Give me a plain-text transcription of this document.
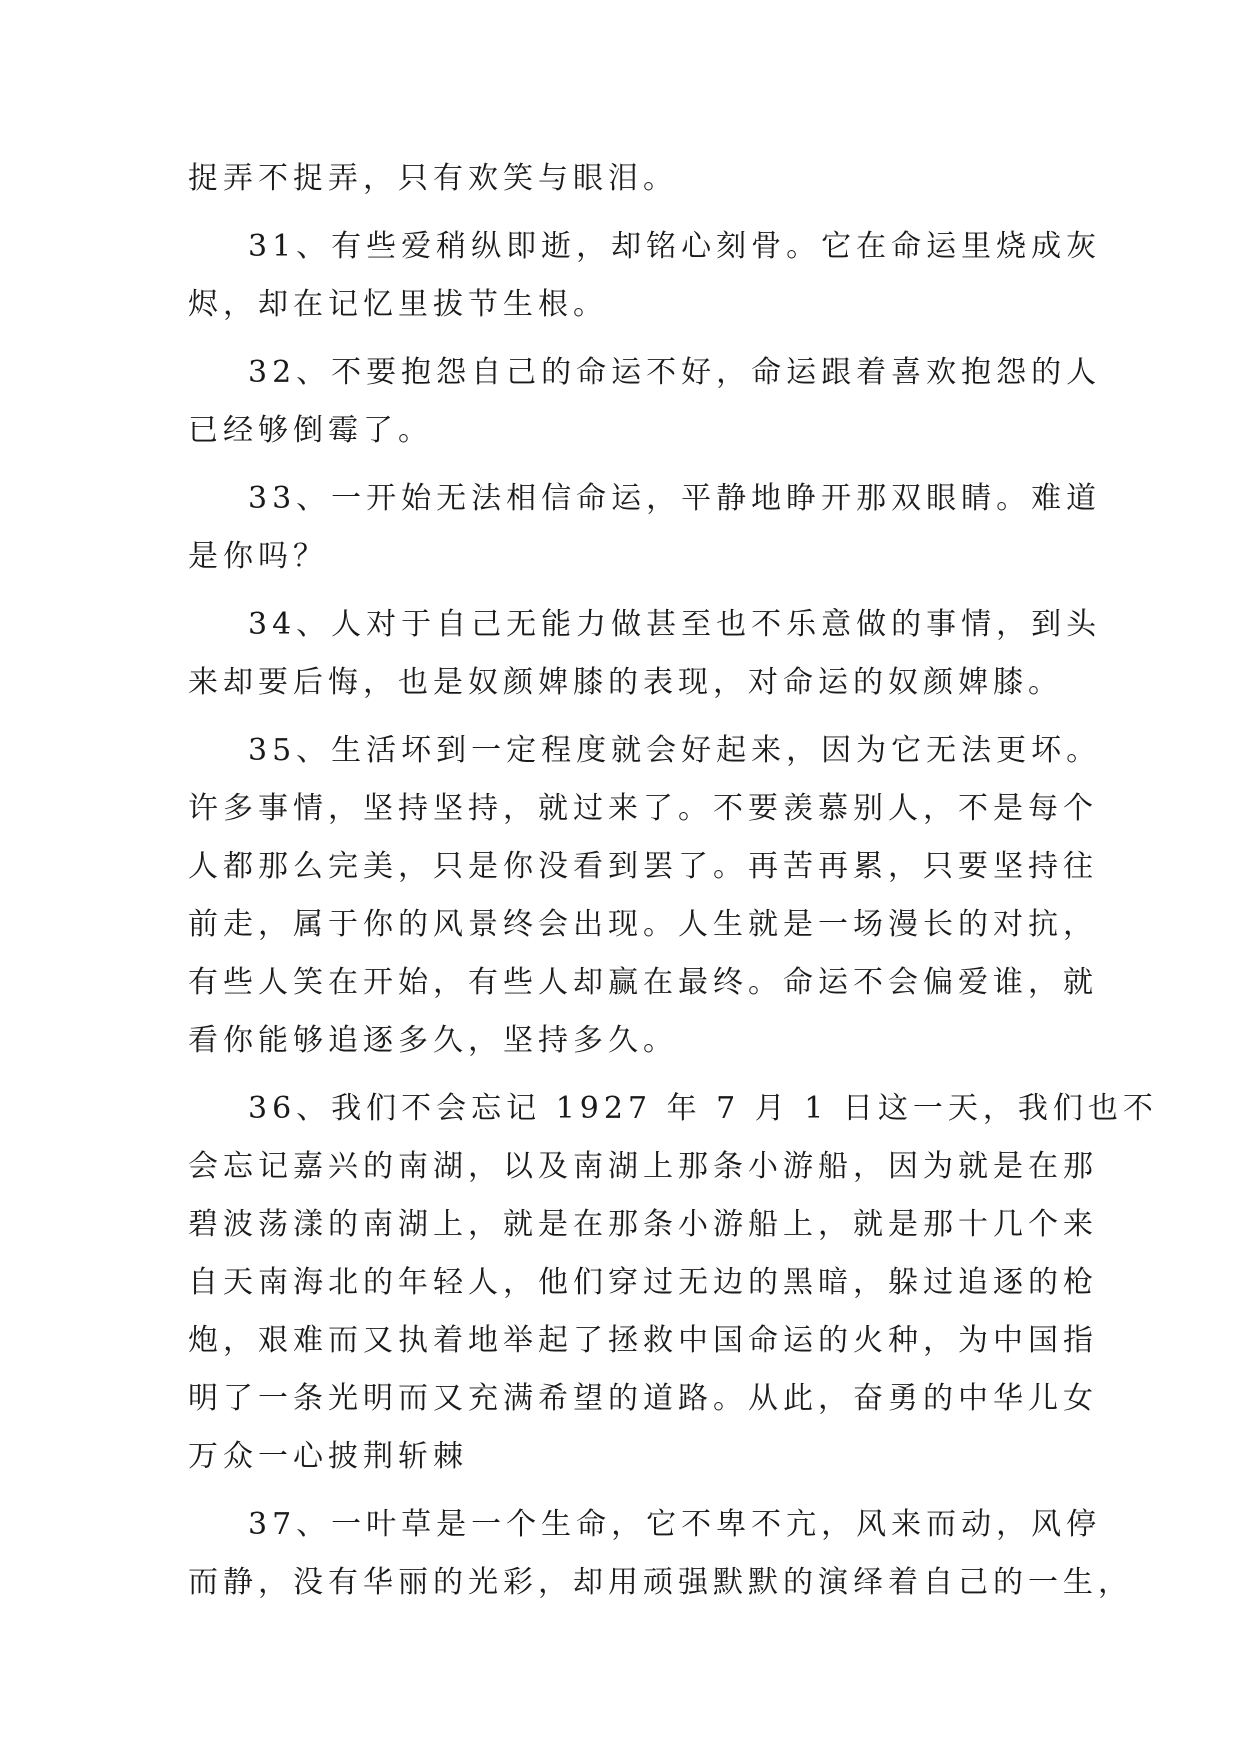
捉弄不捉弄，只有欢笑与眼泪。

31、有些爱稍纵即逝，却铭心刻骨。它在命运里烧成灰
烬，却在记忆里拔节生根。

32、不要抱怨自己的命运不好，命运跟着喜欢抱怨的人
已经够倒霉了。

33、一开始无法相信命运，平静地睁开那双眼睛。难道
是你吗？

34、人对于自己无能力做甚至也不乐意做的事情，到头
来却要后悔，也是奴颜婢膝的表现，对命运的奴颜婢膝。

35、生活坏到一定程度就会好起来，因为它无法更坏。
许多事情，坚持坚持，就过来了。不要羡慕别人，不是每个
人都那么完美，只是你没看到罢了。再苦再累，只要坚持往
前走，属于你的风景终会出现。人生就是一场漫长的对抗，
有些人笑在开始，有些人却赢在最终。命运不会偏爱谁，就
看你能够追逐多久，坚持多久。

36、我们不会忘记 1927 年 7 月 1 日这一天，我们也不
会忘记嘉兴的南湖，以及南湖上那条小游船，因为就是在那
碧波荡漾的南湖上，就是在那条小游船上，就是那十几个来
自天南海北的年轻人，他们穿过无边的黑暗，躲过追逐的枪
炮，艰难而又执着地举起了拯救中国命运的火种，为中国指
明了一条光明而又充满希望的道路。从此，奋勇的中华儿女
万众一心披荆斩棘

37、一叶草是一个生命，它不卑不亢，风来而动，风停
而静，没有华丽的光彩，却用顽强默默的演绎着自己的一生，
